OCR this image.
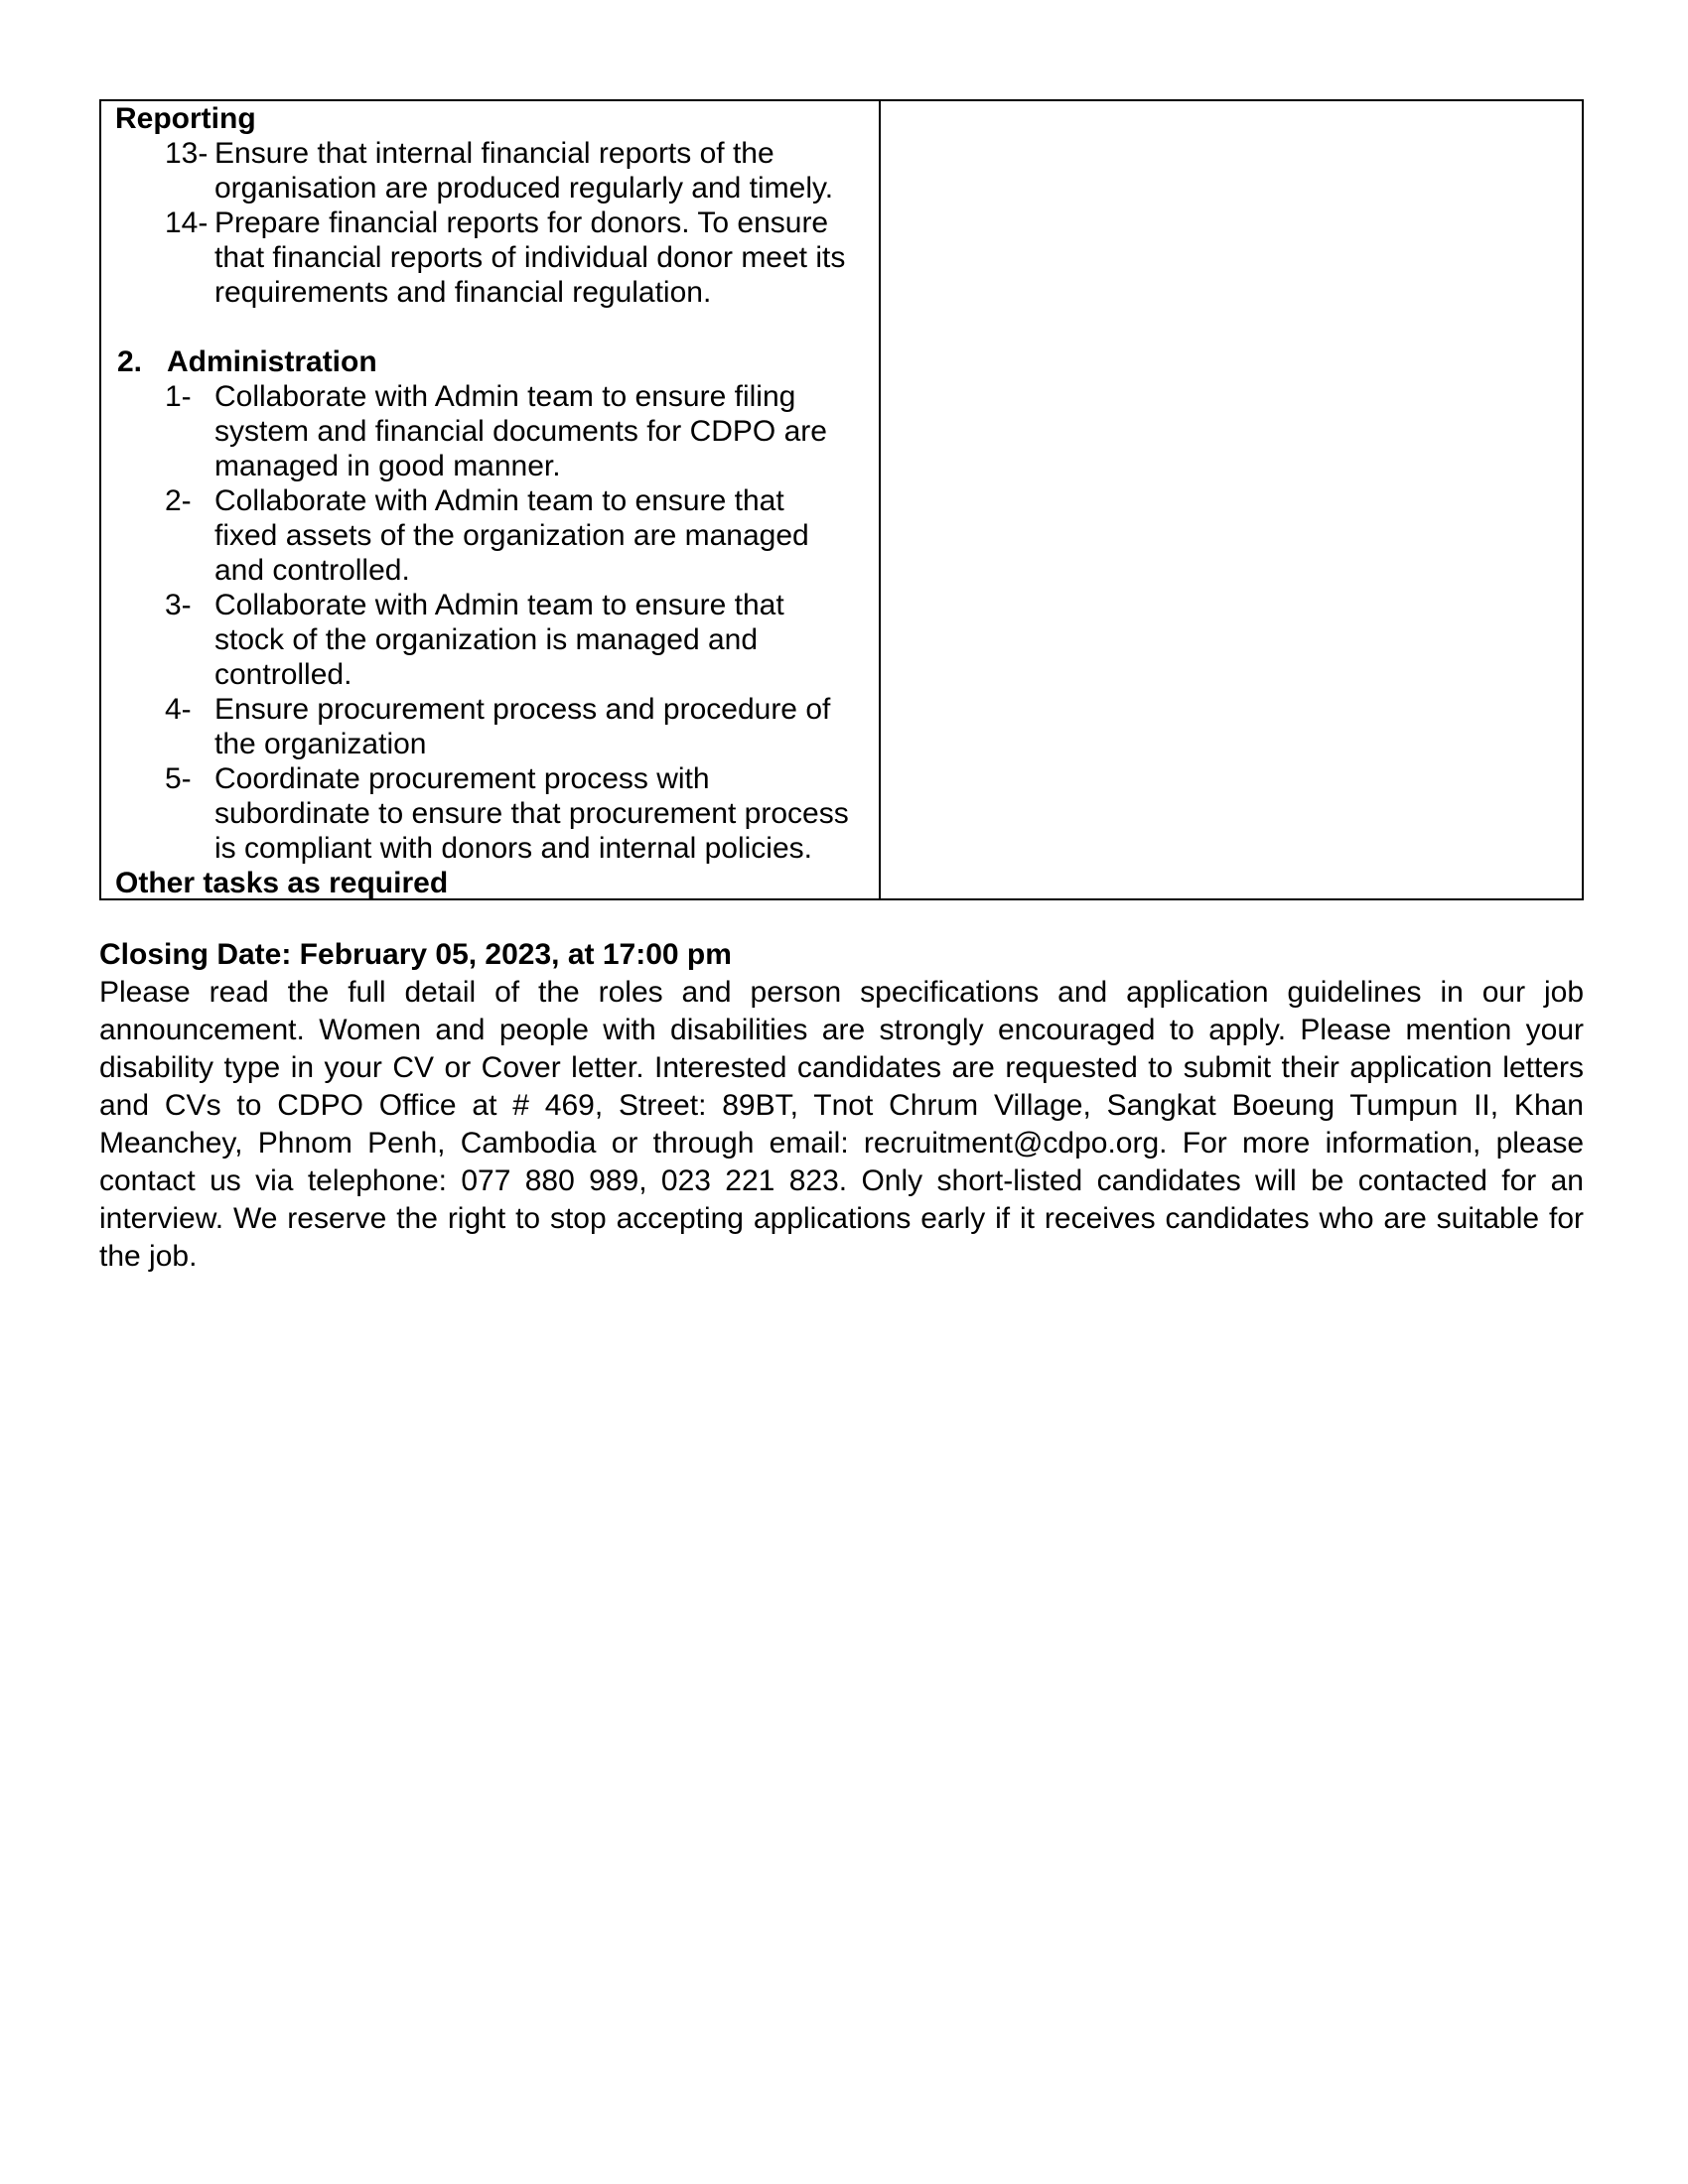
Reporting
13- Ensure that internal financial reports of the
organisation are produced regularly and timely.
14- Prepare financial reports for donors. To ensure
that financial reports of individual donor meet its
requirements and financial regulation.
2. Administration
1- Collaborate with Admin team to ensure filing
system and financial documents for CDPO are
managed in good manner.
2- Collaborate with Admin team to ensure that
fixed assets of the organization are managed
and controlled.
3- Collaborate with Admin team to ensure that
stock of the organization is managed and
controlled.
4- Ensure procurement process and procedure of
the organization
5- Coordinate procurement process with
subordinate to ensure that procurement process
is compliant with donors and internal policies.
Other tasks as required
Closing Date: February 05, 2023, at 17:00 pm
Please read the full detail of the roles and person specifications and application guidelines in our job
announcement. Women and people with disabilities are strongly encouraged to apply. Please mention your
disability type in your CV or Cover letter. Interested candidates are requested to submit their application letters
and CVs to CDPO Office at # 469, Street: 89BT, Tnot Chrum Village, Sangkat Boeung Tumpun II, Khan
Meanchey, Phnom Penh, Cambodia or through email: recruitment@cdpo.org. For more information, please
contact us via telephone: 077 880 989, 023 221 823. Only short-listed candidates will be contacted for an
interview. We reserve the right to stop accepting applications early if it receives candidates who are suitable for
the job.
